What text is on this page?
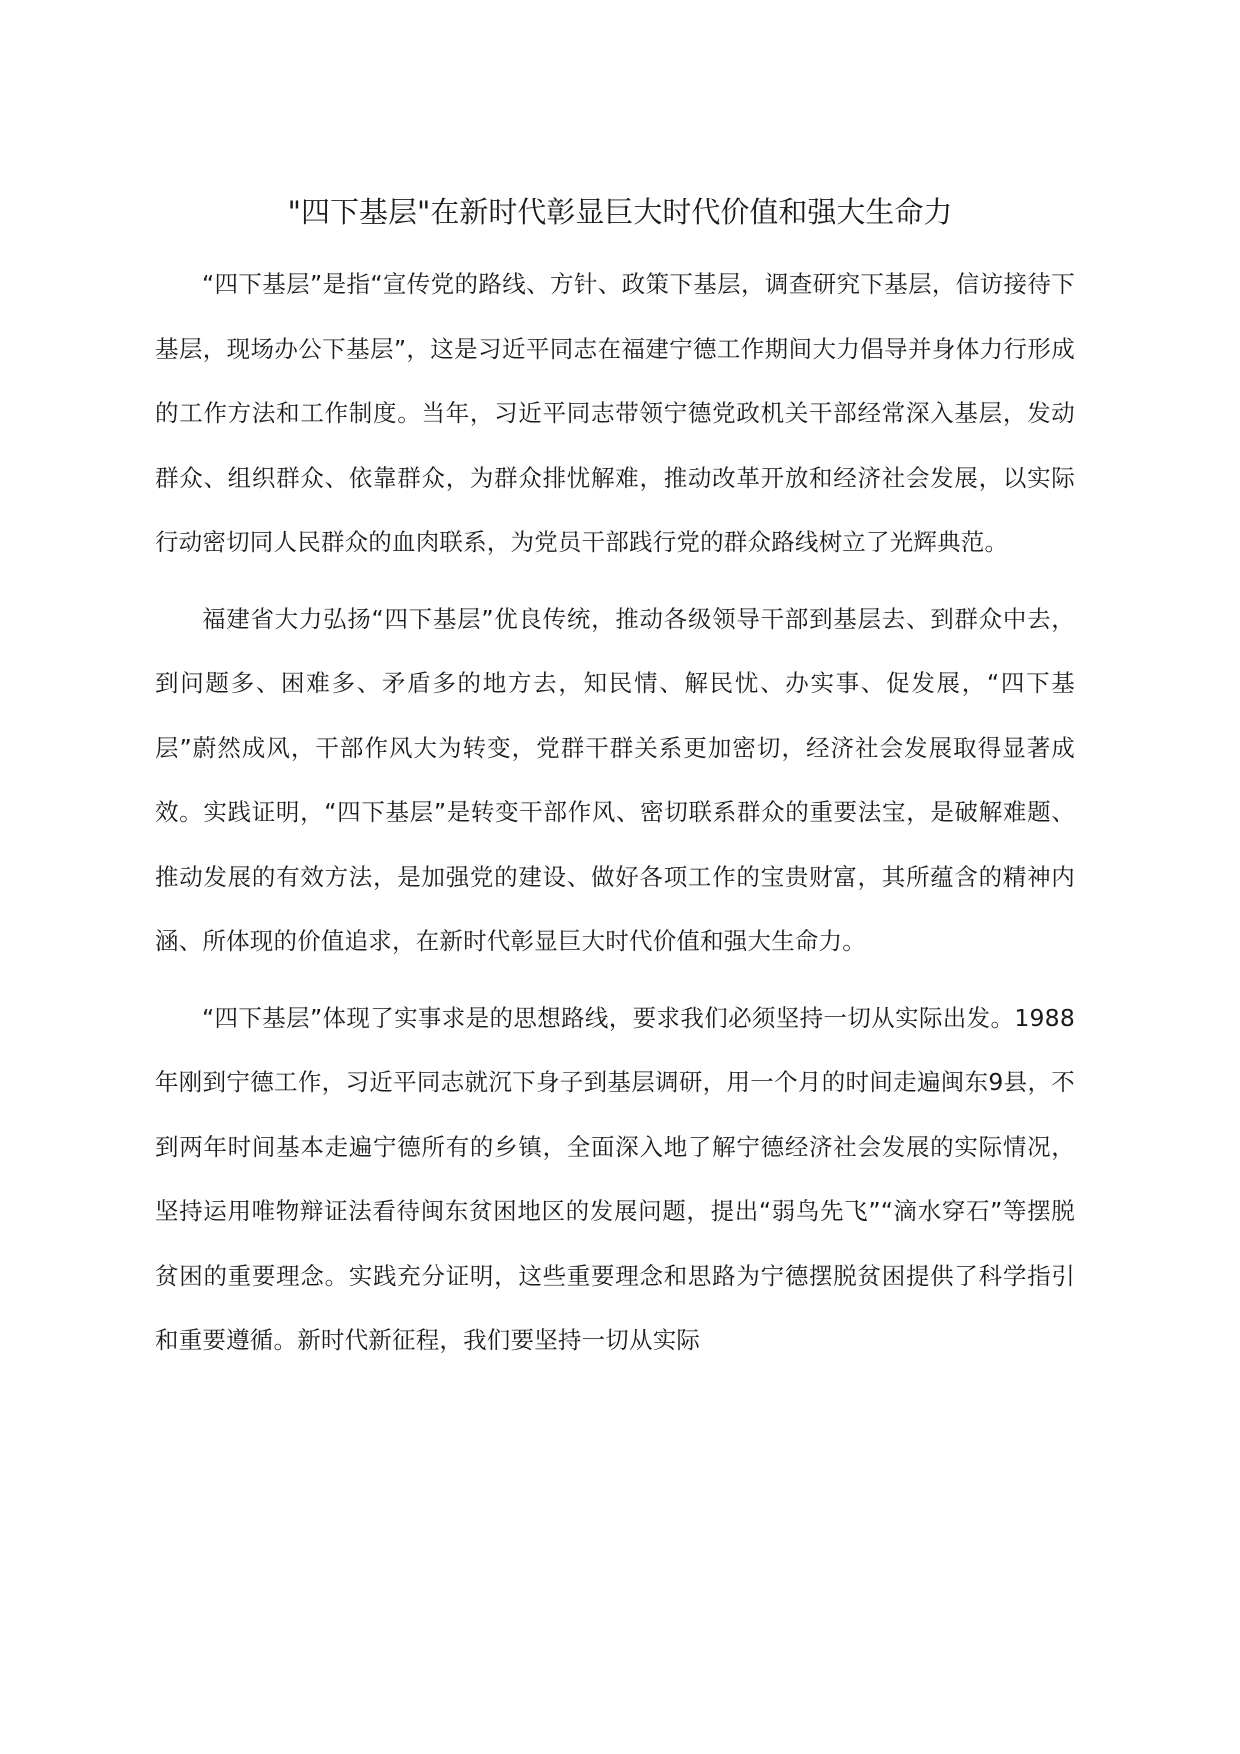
"四下基层"在新时代彰显巨大时代价值和强大生命力

“四下基层”是指“宣传党的路线、方针、政策下基层，调查研究下基层，信访接待下基层，现场办公下基层”，这是习近平同志在福建宁德工作期间大力倡导并身体力行形成的工作方法和工作制度。当年，习近平同志带领宁德党政机关干部经常深入基层，发动群众、组织群众、依靠群众，为群众排忧解难，推动改革开放和经济社会发展，以实际行动密切同人民群众的血肉联系，为党员干部践行党的群众路线树立了光辉典范。

福建省大力弘扬“四下基层”优良传统，推动各级领导干部到基层去、到群众中去，到问题多、困难多、矛盾多的地方去，知民情、解民忧、办实事、促发展，“四下基层”蔚然成风，干部作风大为转变，党群干群关系更加密切，经济社会发展取得显著成效。实践证明，“四下基层”是转变干部作风、密切联系群众的重要法宝，是破解难题、推动发展的有效方法，是加强党的建设、做好各项工作的宝贵财富，其所蕴含的精神内涵、所体现的价值追求，在新时代彰显巨大时代价值和强大生命力。

“四下基层”体现了实事求是的思想路线，要求我们必须坚持一切从实际出发。1988年刚到宁德工作，习近平同志就沉下身子到基层调研，用一个月的时间走遍闽东9县，不到两年时间基本走遍宁德所有的乡镇，全面深入地了解宁德经济社会发展的实际情况，坚持运用唯物辩证法看待闽东贫困地区的发展问题，提出“弱鸟先飞”“滴水穿石”等摆脱贫困的重要理念。实践充分证明，这些重要理念和思路为宁德摆脱贫困提供了科学指引和重要遵循。新时代新征程，我们要坚持一切从实际
